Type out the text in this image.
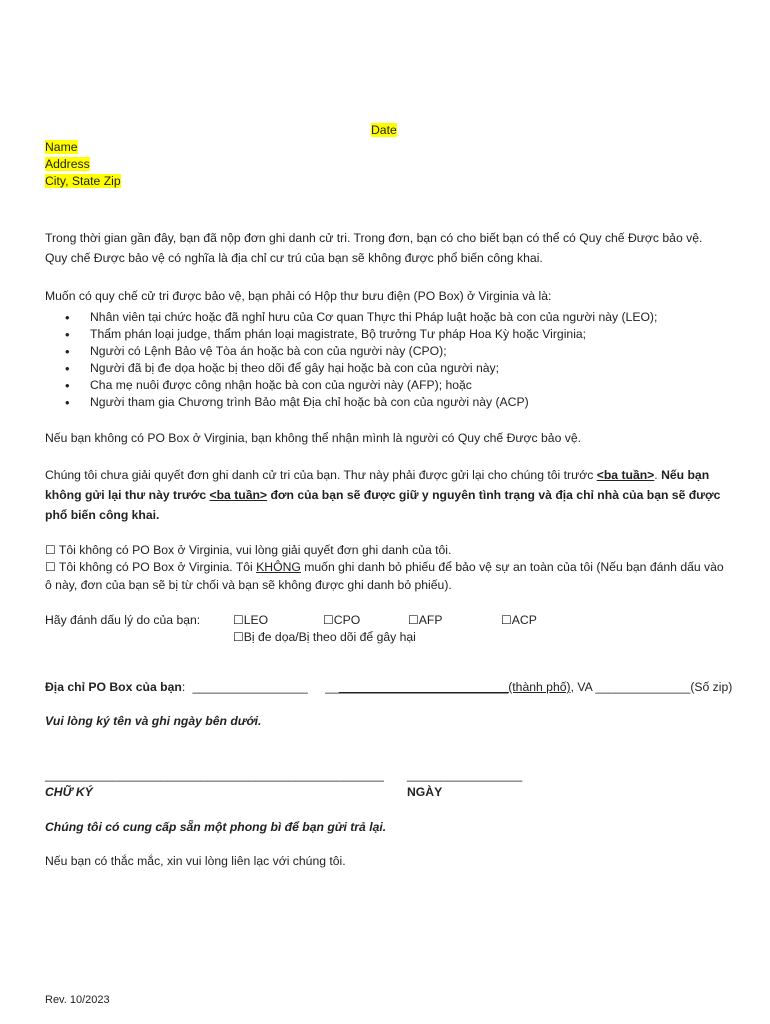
Date
Name
Address
City, State Zip
Trong thời gian gần đây, bạn đã nộp đơn ghi danh cử tri. Trong đơn, bạn có cho biết bạn có thể có Quy chế Được bảo vệ. Quy chế Được bảo vệ có nghĩa là địa chỉ cư trú của bạn sẽ không được phổ biến công khai.
Muốn có quy chế cử tri được bảo vệ, bạn phải có Hộp thư bưu điện (PO Box) ở Virginia và là:
• Nhân viên tại chức hoặc đã nghỉ hưu của Cơ quan Thực thi Pháp luật hoặc bà con của người này (LEO);
• Thẩm phán loại judge, thẩm phán loại magistrate, Bộ trưởng Tư pháp Hoa Kỳ hoặc Virginia;
• Người có Lệnh Bảo vệ Tòa án hoặc bà con của người này (CPO);
• Người đã bị đe dọa hoặc bị theo dõi để gây hại hoặc bà con của người này;
• Cha mẹ nuôi được công nhận hoặc bà con của người này (AFP); hoặc
• Người tham gia Chương trình Bảo mật Địa chỉ hoặc bà con của người này (ACP)
Nếu bạn không có PO Box ở Virginia, bạn không thể nhận mình là người có Quy chế Được bảo vệ.
Chúng tôi chưa giải quyết đơn ghi danh cử tri của bạn. Thư này phải được gửi lại cho chúng tôi trước <ba tuần>. Nếu bạn không gửi lại thư này trước <ba tuần> đơn của bạn sẽ được giữ y nguyên tình trạng và địa chỉ nhà của bạn sẽ được phổ biến công khai.
☐ Tôi không có PO Box ở Virginia, vui lòng giải quyết đơn ghi danh của tôi.
☐ Tôi không có PO Box ở Virginia. Tôi KHÔNG muốn ghi danh bỏ phiếu để bảo vệ sự an toàn của tôi (Nếu bạn đánh dấu vào ô này, đơn của bạn sẽ bị từ chối và bạn sẽ không được ghi danh bỏ phiếu).
Hãy đánh dấu lý do của bạn:	☐LEO	☐CPO	☐AFP	☐ACP
☐Bị đe dọa/Bị theo dõi để gây hại
Địa chỉ PO Box của bạn: _________________ ___________________________(thành phố), VA ______________(Số zip)
Vui lòng ký tên và ghi ngày bên dưới.
__________________________________________________
CHỮ KÝ
_________________
NGÀY
Chúng tôi có cung cấp sẵn một phong bì để bạn gửi trả lại.
Nếu bạn có thắc mắc, xin vui lòng liên lạc với chúng tôi.
Rev. 10/2023
